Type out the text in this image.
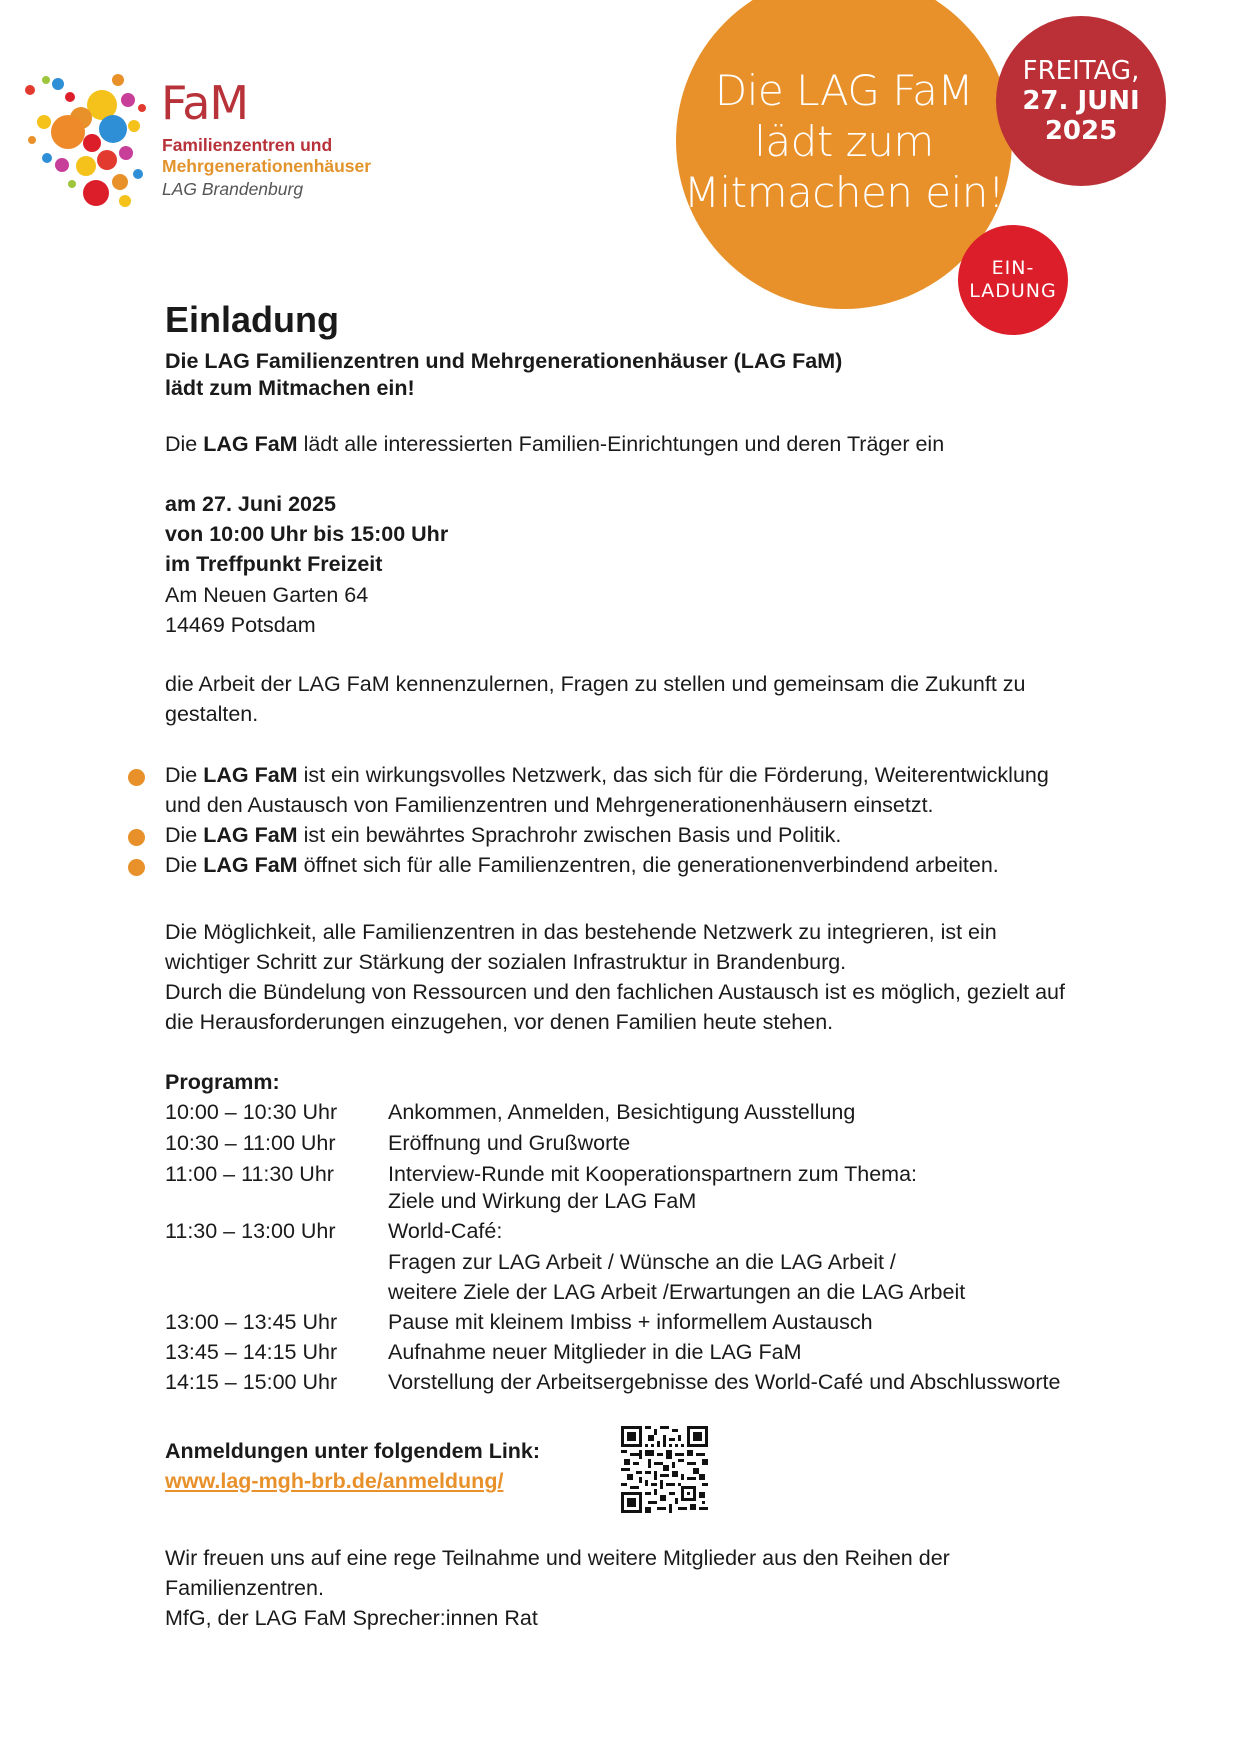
FaM
Familienzentren und
Mehrgenerationenhäuser
LAG Brandenburg
Die LAG FaM
lädt zum
Mitmachen ein!
FREITAG,
27. JUNI
2025
EIN-
LADUNG
Einladung
Die LAG Familienzentren und Mehrgenerationenhäuser (LAG FaM)
lädt zum Mitmachen ein!
Die LAG FaM lädt alle interessierten Familien-Einrichtungen und deren Träger ein
am 27. Juni 2025
von 10:00 Uhr bis 15:00 Uhr
im Treffpunkt Freizeit
Am Neuen Garten 64
14469 Potsdam
die Arbeit der LAG FaM kennenzulernen, Fragen zu stellen und gemeinsam die Zukunft zu
gestalten.
Die LAG FaM ist ein wirkungsvolles Netzwerk, das sich für die Förderung, Weiterentwicklung
und den Austausch von Familienzentren und Mehrgenerationenhäusern einsetzt.
Die LAG FaM ist ein bewährtes Sprachrohr zwischen Basis und Politik.
Die LAG FaM öffnet sich für alle Familienzentren, die generationenverbindend arbeiten.
Die Möglichkeit, alle Familienzentren in das bestehende Netzwerk zu integrieren, ist ein
wichtiger Schritt zur Stärkung der sozialen Infrastruktur in Brandenburg.
Durch die Bündelung von Ressourcen und den fachlichen Austausch ist es möglich, gezielt auf
die Herausforderungen einzugehen, vor denen Familien heute stehen.
Programm:
10:00 – 10:30 Uhr Ankommen, Anmelden, Besichtigung Ausstellung
10:30 – 11:00 Uhr Eröffnung und Grußworte
11:00 – 11:30 Uhr	Interview-Runde mit Kooperationspartnern zum Thema:
Ziele und Wirkung der LAG FaM
11:30 – 13:00 Uhr World-Café:
Fragen zur LAG Arbeit / Wünsche an die LAG Arbeit /
weitere Ziele der LAG Arbeit /Erwartungen an die LAG Arbeit
13:00 – 13:45 Uhr Pause mit kleinem Imbiss + informellem Austausch
13:45 – 14:15 Uhr Aufnahme neuer Mitglieder in die LAG FaM
14:15 – 15:00 Uhr Vorstellung der Arbeitsergebnisse des World-Café und Abschlussworte
Anmeldungen unter folgendem Link:
www.lag-mgh-brb.de/anmeldung/
Wir freuen uns auf eine rege Teilnahme und weitere Mitglieder aus den Reihen der
Familienzentren.
MfG, der LAG FaM Sprecher:innen Rat
